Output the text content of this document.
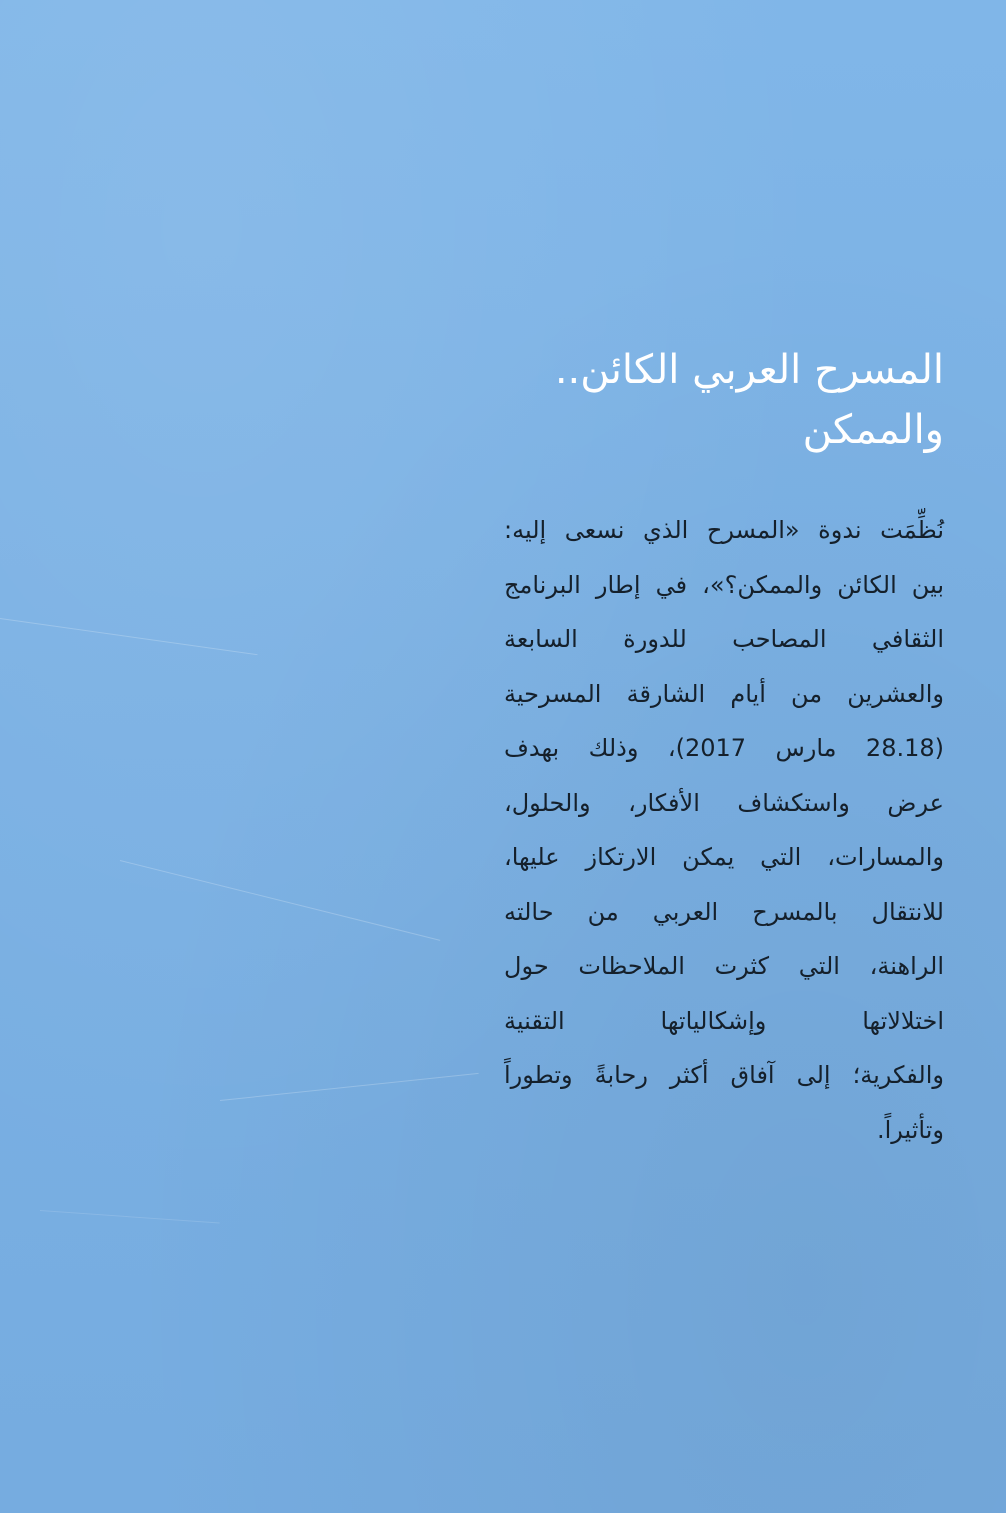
المسرح العربي الكائن..
والممكن
نُظِّمَت ندوة «المسرح الذي نسعى إليه:
بين الكائن والممكن؟»، في إطار البرنامج
الثقافي المصاحب للدورة السابعة
والعشرين من أيام الشارقة المسرحية
(28.18 مارس 2017)، وذلك بهدف
عرض واستكشاف الأفكار، والحلول،
والمسارات، التي يمكن الارتكاز عليها،
للانتقال بالمسرح العربي من حالته
الراهنة، التي كثرت الملاحظات حول
اختلالاتها وإشكالياتها التقنية
والفكرية؛ إلى آفاق أكثر رحابةً وتطوراً
وتأثيراً.
